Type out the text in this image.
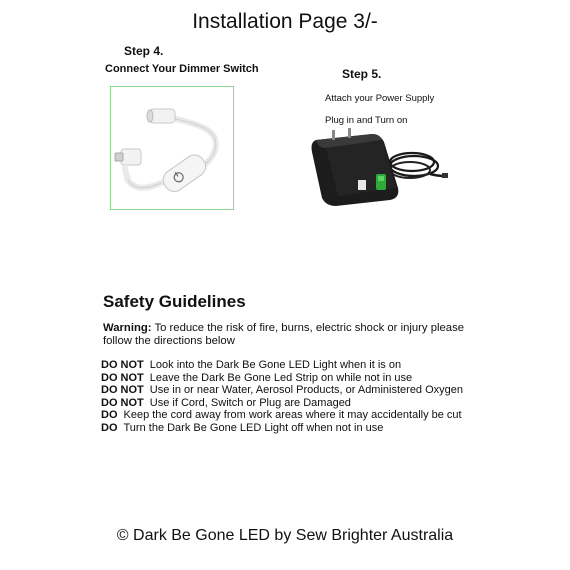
Installation Page 3/-
Step 4.
Connect Your Dimmer Switch	Step 5.
Attach your Power Supply
Plug in and Turn on
Safety Guidelines
Warning: To reduce the risk of fire, burns, electric shock or injury please follow the directions below
DO NOT Look into the Dark Be Gone LED Light when it is on
DO NOT Leave the Dark Be Gone Led Strip on while not in use
DO NOT Use in or near Water, Aerosol Products, or Administered Oxygen
DO NOT Use if Cord, Switch or Plug are Damaged
DO Keep the cord away from work areas where it may accidentally be cut
DO Turn the Dark Be Gone LED Light off when not in use
© Dark Be Gone LED by Sew Brighter Australia
